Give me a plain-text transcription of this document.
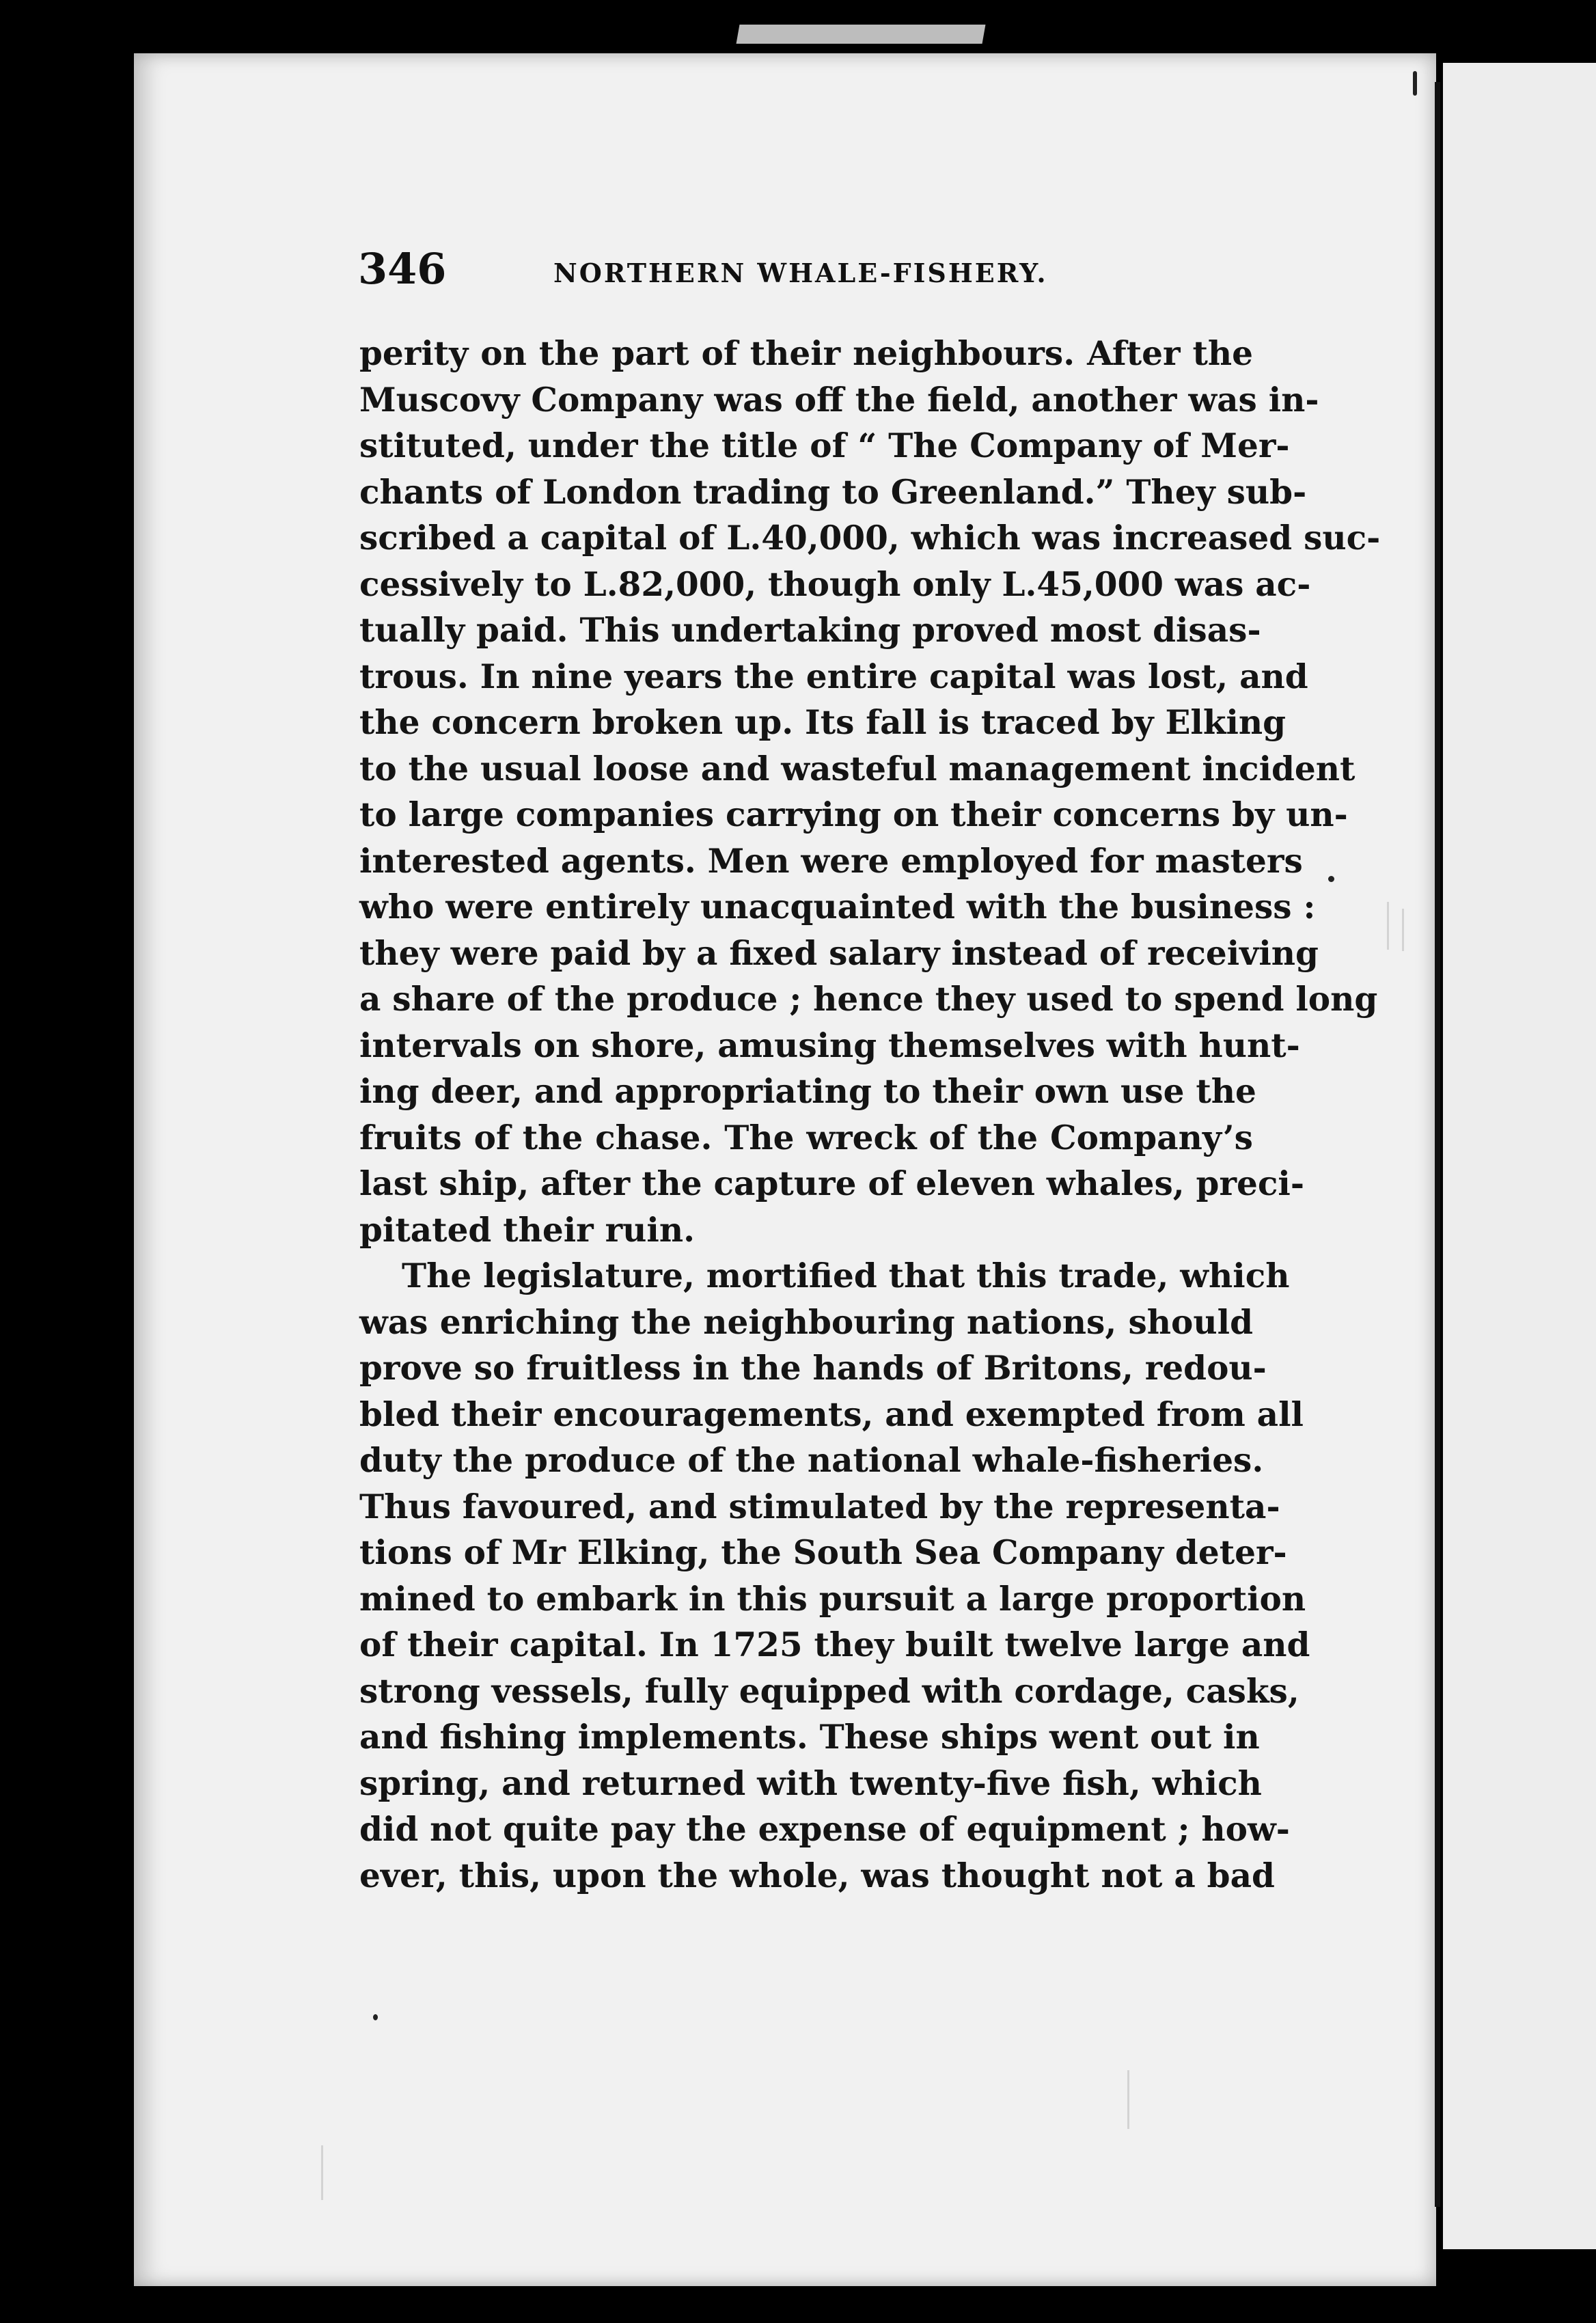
346	NORTHERN WHALE-FISHERY.
perity on the part of their neighbours. After the
Muscovy Company was off the field, another was in-
stituted, under the title of “ The Company of Mer-
chants of London trading to Greenland.” They sub-
scribed a capital of L.40,000, which was increased suc-
cessively to L.82,000, though only L.45,000 was ac-
tually paid. This undertaking proved most disas-
trous. In nine years the entire capital was lost, and
the concern broken up. Its fall is traced by Elking
to the usual loose and wasteful management incident
to large companies carrying on their concerns by un-
interested agents. Men were employed for masters
who were entirely unacquainted with the business :
they were paid by a fixed salary instead of receiving
a share of the produce ; hence they used to spend long
intervals on shore, amusing themselves with hunt-
ing deer, and appropriating to their own use the
fruits of the chase. The wreck of the Company’s
last ship, after the capture of eleven whales, preci-
pitated their ruin.
The legislature, mortified that this trade, which
was enriching the neighbouring nations, should
prove so fruitless in the hands of Britons, redou-
bled their encouragements, and exempted from all
duty the produce of the national whale-fisheries.
Thus favoured, and stimulated by the representa-
tions of Mr Elking, the South Sea Company deter-
mined to embark in this pursuit a large proportion
of their capital. In 1725 they built twelve large and
strong vessels, fully equipped with cordage, casks,
and fishing implements. These ships went out in
spring, and returned with twenty-five fish, which
did not quite pay the expense of equipment ; how-
ever, this, upon the whole, was thought not a bad
